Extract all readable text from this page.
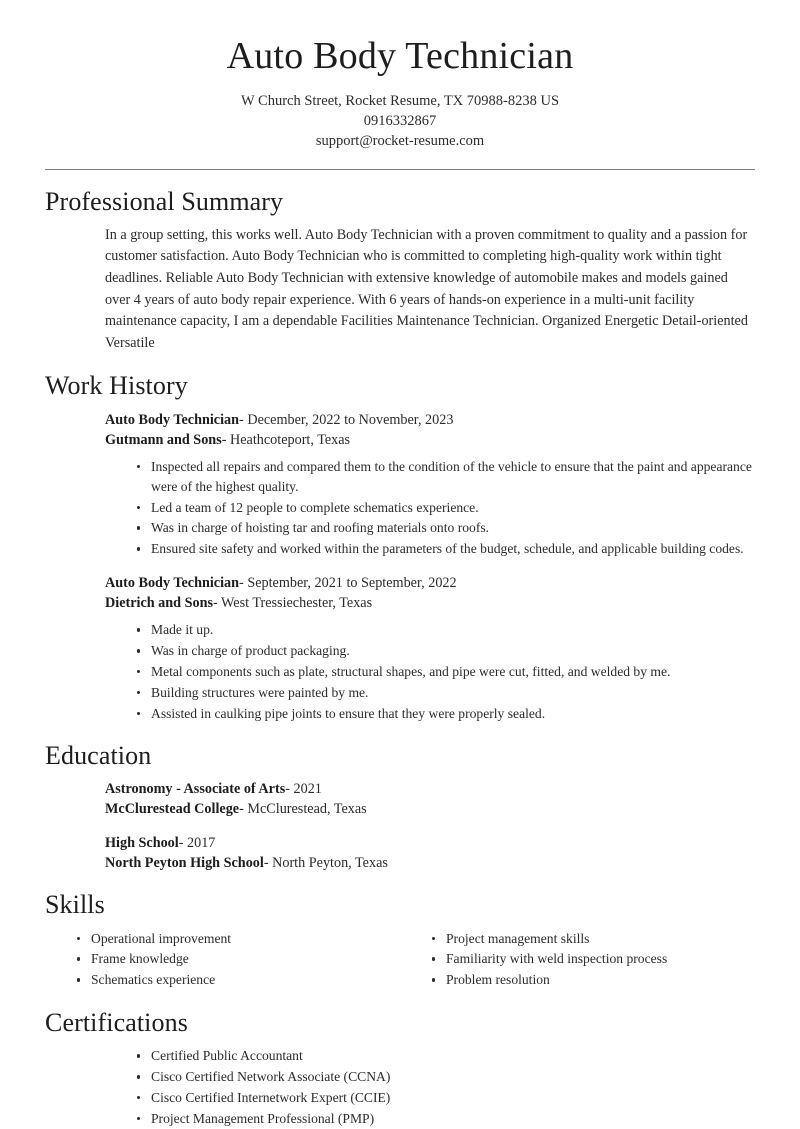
Auto Body Technician
W Church Street, Rocket Resume, TX 70988-8238 US
0916332867
support@rocket-resume.com
Professional Summary

In a group setting, this works well. Auto Body Technician with a proven commitment to quality and a passion for customer satisfaction. Auto Body Technician who is committed to completing high-quality work within tight deadlines. Reliable Auto Body Technician with extensive knowledge of automobile makes and models gained over 4 years of auto body repair experience. With 6 years of hands-on experience in a multi-unit facility maintenance capacity, I am a dependable Facilities Maintenance Technician. Organized Energetic Detail-oriented Versatile

Work History
Auto Body Technician- December, 2022 to November, 2023
Gutmann and Sons- Heathcoteport, Texas
Inspected all repairs and compared them to the condition of the vehicle to ensure that the paint and appearance were of the highest quality.
Led a team of 12 people to complete schematics experience.
Was in charge of hoisting tar and roofing materials onto roofs.
Ensured site safety and worked within the parameters of the budget, schedule, and applicable building codes.
Auto Body Technician- September, 2021 to September, 2022
Dietrich and Sons- West Tressiechester, Texas
Made it up.
Was in charge of product packaging.
Metal components such as plate, structural shapes, and pipe were cut, fitted, and welded by me.
Building structures were painted by me.
Assisted in caulking pipe joints to ensure that they were properly sealed.
Education
Astronomy - Associate of Arts- 2021
McClurestead College- McClurestead, Texas
High School- 2017
North Peyton High School- North Peyton, Texas
Skills
Operational improvement
Frame knowledge
Schematics experience
Project management skills
Familiarity with weld inspection process
Problem resolution
Certifications
Certified Public Accountant
Cisco Certified Network Associate (CCNA)
Cisco Certified Internetwork Expert (CCIE)
Project Management Professional (PMP)
